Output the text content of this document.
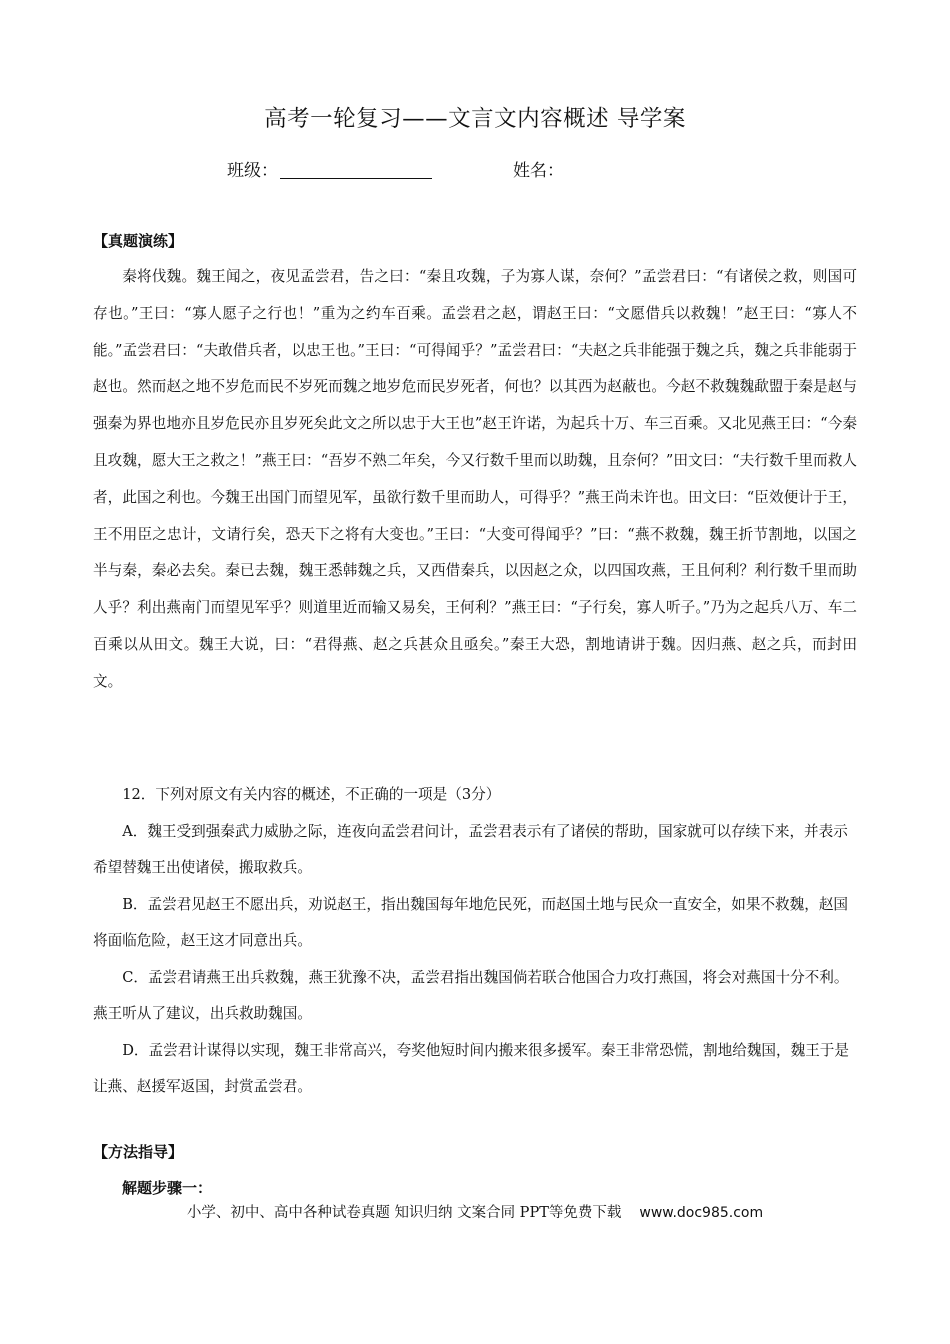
高考一轮复习——文言文内容概述 导学案
班级：	姓名：
【真题演练】

秦将伐魏。魏王闻之，夜见孟尝君，告之曰：“秦且攻魏，子为寡人谋，奈何？”孟尝君曰：“有诸侯之救，则国可存也。”王曰：“寡人愿子之行也！”重为之约车百乘。孟尝君之赵，谓赵王曰：“文愿借兵以救魏！”赵王曰：“寡人不能。”孟尝君曰：“夫敢借兵者，以忠王也。”王曰：“可得闻乎？”孟尝君曰：“夫赵之兵非能强于魏之兵，魏之兵非能弱于赵也。然而赵之地不岁危而民不岁死而魏之地岁危而民岁死者，何也？以其西为赵蔽也。今赵不救魏魏歃盟于秦是赵与强秦为界也地亦且岁危民亦且岁死矣此文之所以忠于大王也”赵王许诺，为起兵十万、车三百乘。又北见燕王曰：“今秦且攻魏，愿大王之救之！”燕王曰：“吾岁不熟二年矣，今又行数千里而以助魏，且奈何？”田文曰：“夫行数千里而救人者，此国之利也。今魏王出国门而望见军，虽欲行数千里而助人，可得乎？”燕王尚未许也。田文曰：“臣效便计于王，王不用臣之忠计，文请行矣，恐天下之将有大变也。”王曰：“大变可得闻乎？”曰：“燕不救魏，魏王折节割地，以国之半与秦，秦必去矣。秦已去魏，魏王悉韩魏之兵，又西借秦兵，以因赵之众，以四国攻燕，王且何利？利行数千里而助人乎？利出燕南门而望见军乎？则道里近而输又易矣，王何利？”燕王曰：“子行矣，寡人听子。”乃为之起兵八万、车二百乘以从田文。魏王大说，曰：“君得燕、赵之兵甚众且亟矣。”秦王大恐，割地请讲于魏。因归燕、赵之兵，而封田文。

12．下列对原文有关内容的概述，不正确的一项是（3分）

A．魏王受到强秦武力威胁之际，连夜向孟尝君问计，孟尝君表示有了诸侯的帮助，国家就可以存续下来，并表示希望替魏王出使诸侯，搬取救兵。

B．孟尝君见赵王不愿出兵，劝说赵王，指出魏国每年地危民死，而赵国土地与民众一直安全，如果不救魏，赵国将面临危险，赵王这才同意出兵。

C．孟尝君请燕王出兵救魏，燕王犹豫不决，孟尝君指出魏国倘若联合他国合力攻打燕国，将会对燕国十分不利。燕王听从了建议，出兵救助魏国。

D．孟尝君计谋得以实现，魏王非常高兴，夸奖他短时间内搬来很多援军。秦王非常恐慌，割地给魏国，魏王于是让燕、赵援军返国，封赏孟尝君。

【方法指导】
解题步骤一：
小学、初中、高中各种试卷真题 知识归纳 文案合同 PPT等免费下载 www.doc985.com
